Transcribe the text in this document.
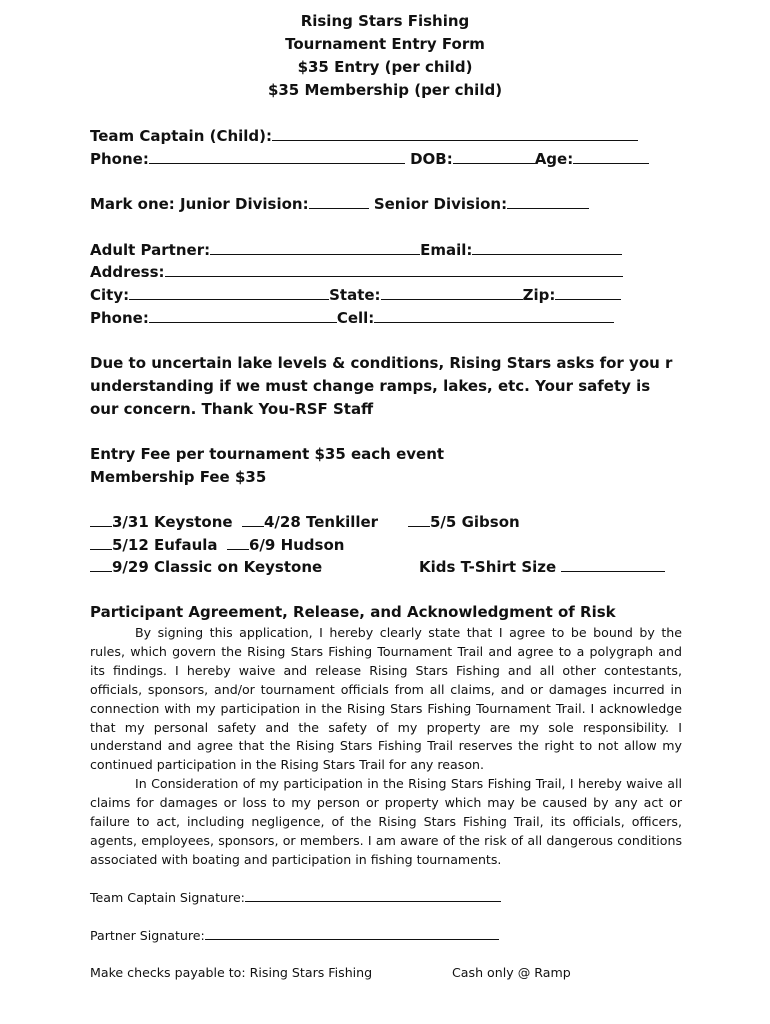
Rising Stars Fishing
Tournament Entry Form
$35 Entry (per child)
$35 Membership (per child)
Team Captain (Child):
Phone:	DOB:	Age:
Mark one: Junior Division:	Senior Division:
Adult Partner:	Email:
Address:
City:	State:	Zip:
Phone:	Cell:
Due to uncertain lake levels & conditions, Rising Stars asks for you r
understanding if we must change ramps, lakes, etc. Your safety is
our concern. Thank You-RSF Staff
Entry Fee per tournament $35 each event
Membership Fee $35
3/31 Keystone	4/28 Tenkiller	5/5 Gibson
5/12 Eufaula	6/9 Hudson
9/29 Classic on Keystone	Kids T-Shirt Size
Participant Agreement, Release, and Acknowledgment of Risk

By signing this application, I hereby clearly state that I agree to be bound by the rules, which govern the Rising Stars Fishing Tournament Trail and agree to a polygraph and its findings. I hereby waive and release Rising Stars Fishing and all other contestants, officials, sponsors, and/or tournament officials from all claims, and or damages incurred in connection with my participation in the Rising Stars Fishing Tournament Trail. I acknowledge that my personal safety and the safety of my property are my sole responsibility. I understand and agree that the Rising Stars Fishing Trail reserves the right to not allow my continued participation in the Rising Stars Trail for any reason.

In Consideration of my participation in the Rising Stars Fishing Trail, I hereby waive all claims for damages or loss to my person or property which may be caused by any act or failure to act, including negligence, of the Rising Stars Fishing Trail, its officials, officers, agents, employees, sponsors, or members. I am aware of the risk of all dangerous conditions associated with boating and participation in fishing tournaments.

Team Captain Signature:
Partner Signature:
Make checks payable to: Rising Stars Fishing	Cash only @ Ramp
